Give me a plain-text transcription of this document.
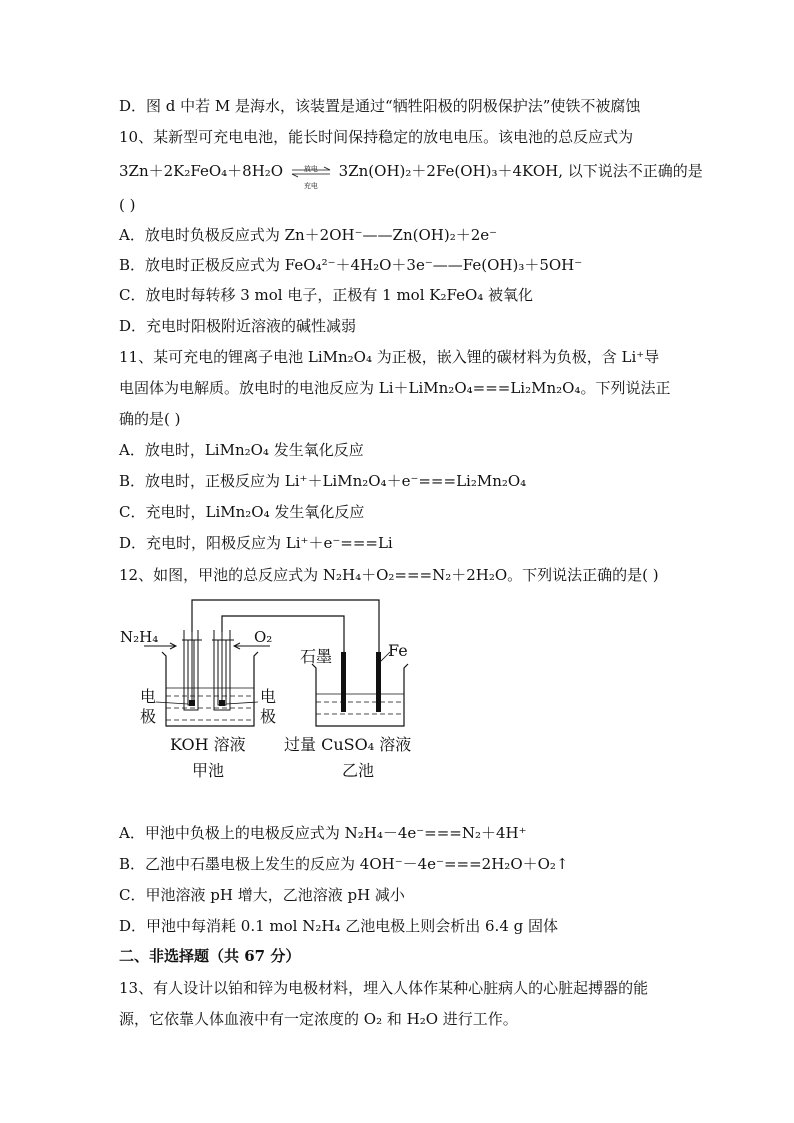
D．图 d 中若 M 是海水，该装置是通过“牺牲阳极的阴极保护法”使铁不被腐蚀
10、某新型可充电电池，能长时间保持稳定的放电电压。该电池的总反应式为
3Zn＋2K₂FeO₄＋8H₂O	放电
充电
3Zn(OH)₂＋2Fe(OH)₃＋4KOH, 以下说法不正确的是
( )
A．放电时负极反应式为 Zn＋2OH⁻——Zn(OH)₂＋2e⁻
B．放电时正极反应式为 FeO₄²⁻＋4H₂O＋3e⁻——Fe(OH)₃＋5OH⁻
C．放电时每转移 3 mol 电子，正极有 1 mol K₂FeO₄ 被氧化
D．充电时阳极附近溶液的碱性减弱
11、某可充电的锂离子电池 LiMn₂O₄ 为正极，嵌入锂的碳材料为负极，含 Li⁺导
电固体为电解质。放电时的电池反应为 Li＋LiMn₂O₄===Li₂Mn₂O₄。下列说法正
确的是( )
A．放电时，LiMn₂O₄ 发生氧化反应
B．放电时，正极反应为 Li⁺＋LiMn₂O₄＋e⁻===Li₂Mn₂O₄
C．充电时，LiMn₂O₄ 发生氧化反应
D．充电时，阳极反应为 Li⁺＋e⁻===Li
12、如图，甲池的总反应式为 N₂H₄＋O₂===N₂＋2H₂O。下列说法正确的是( )
N₂H₄	O₂
电
极
电
极
KOH 溶液
甲池
石墨	Fe
过量 CuSO₄ 溶液
乙池
A．甲池中负极上的电极反应式为 N₂H₄－4e⁻===N₂＋4H⁺
B．乙池中石墨电极上发生的反应为 4OH⁻－4e⁻===2H₂O＋O₂↑
C．甲池溶液 pH 增大，乙池溶液 pH 减小
D．甲池中每消耗 0.1 mol N₂H₄ 乙池电极上则会析出 6.4 g 固体
二、非选择题（共 67 分）
13、有人设计以铂和锌为电极材料，埋入人体作某种心脏病人的心脏起搏器的能
源，它依靠人体血液中有一定浓度的 O₂ 和 H₂O 进行工作。
